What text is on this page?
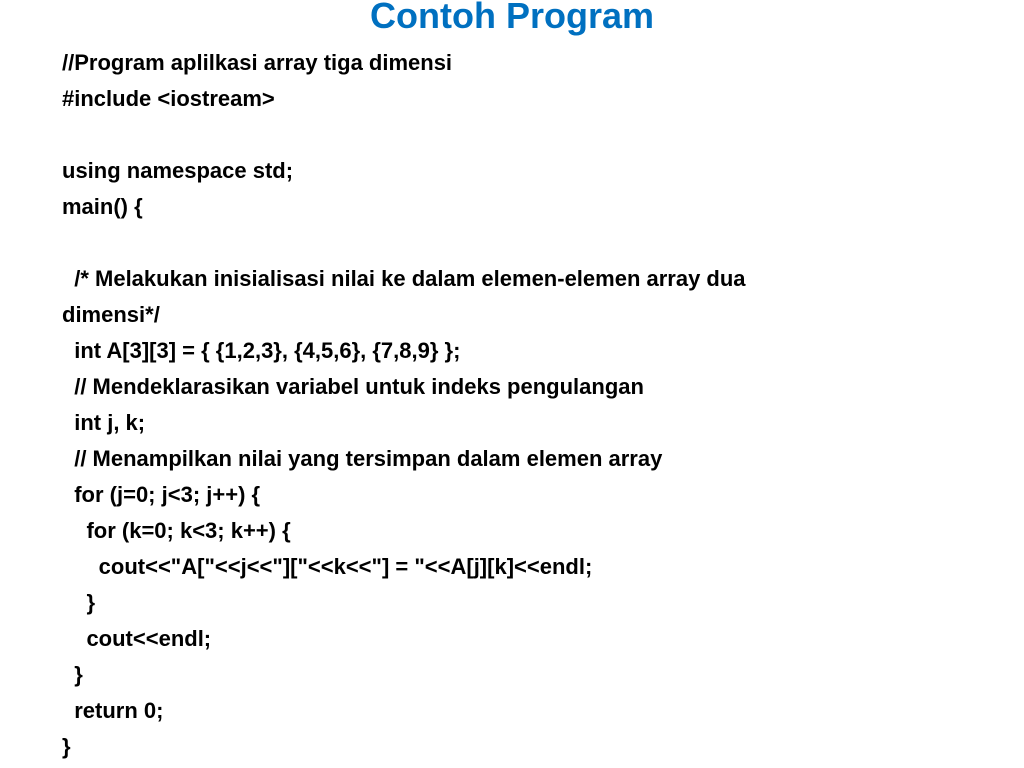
Contoh Program
//Program aplilkasi array tiga dimensi
#include <iostream>
using namespace std;
main() {
/* Melakukan inisialisasi nilai ke dalam elemen-elemen array dua
dimensi*/
int A[3][3] = { {1,2,3}, {4,5,6}, {7,8,9} };
// Mendeklarasikan variabel untuk indeks pengulangan
int j, k;
// Menampilkan nilai yang tersimpan dalam elemen array
for (j=0; j<3; j++) {
for (k=0; k<3; k++) {
cout<<"A["<<j<<"]["<<k<<"] = "<<A[j][k]<<endl;
}
cout<<endl;
}
return 0;
}
